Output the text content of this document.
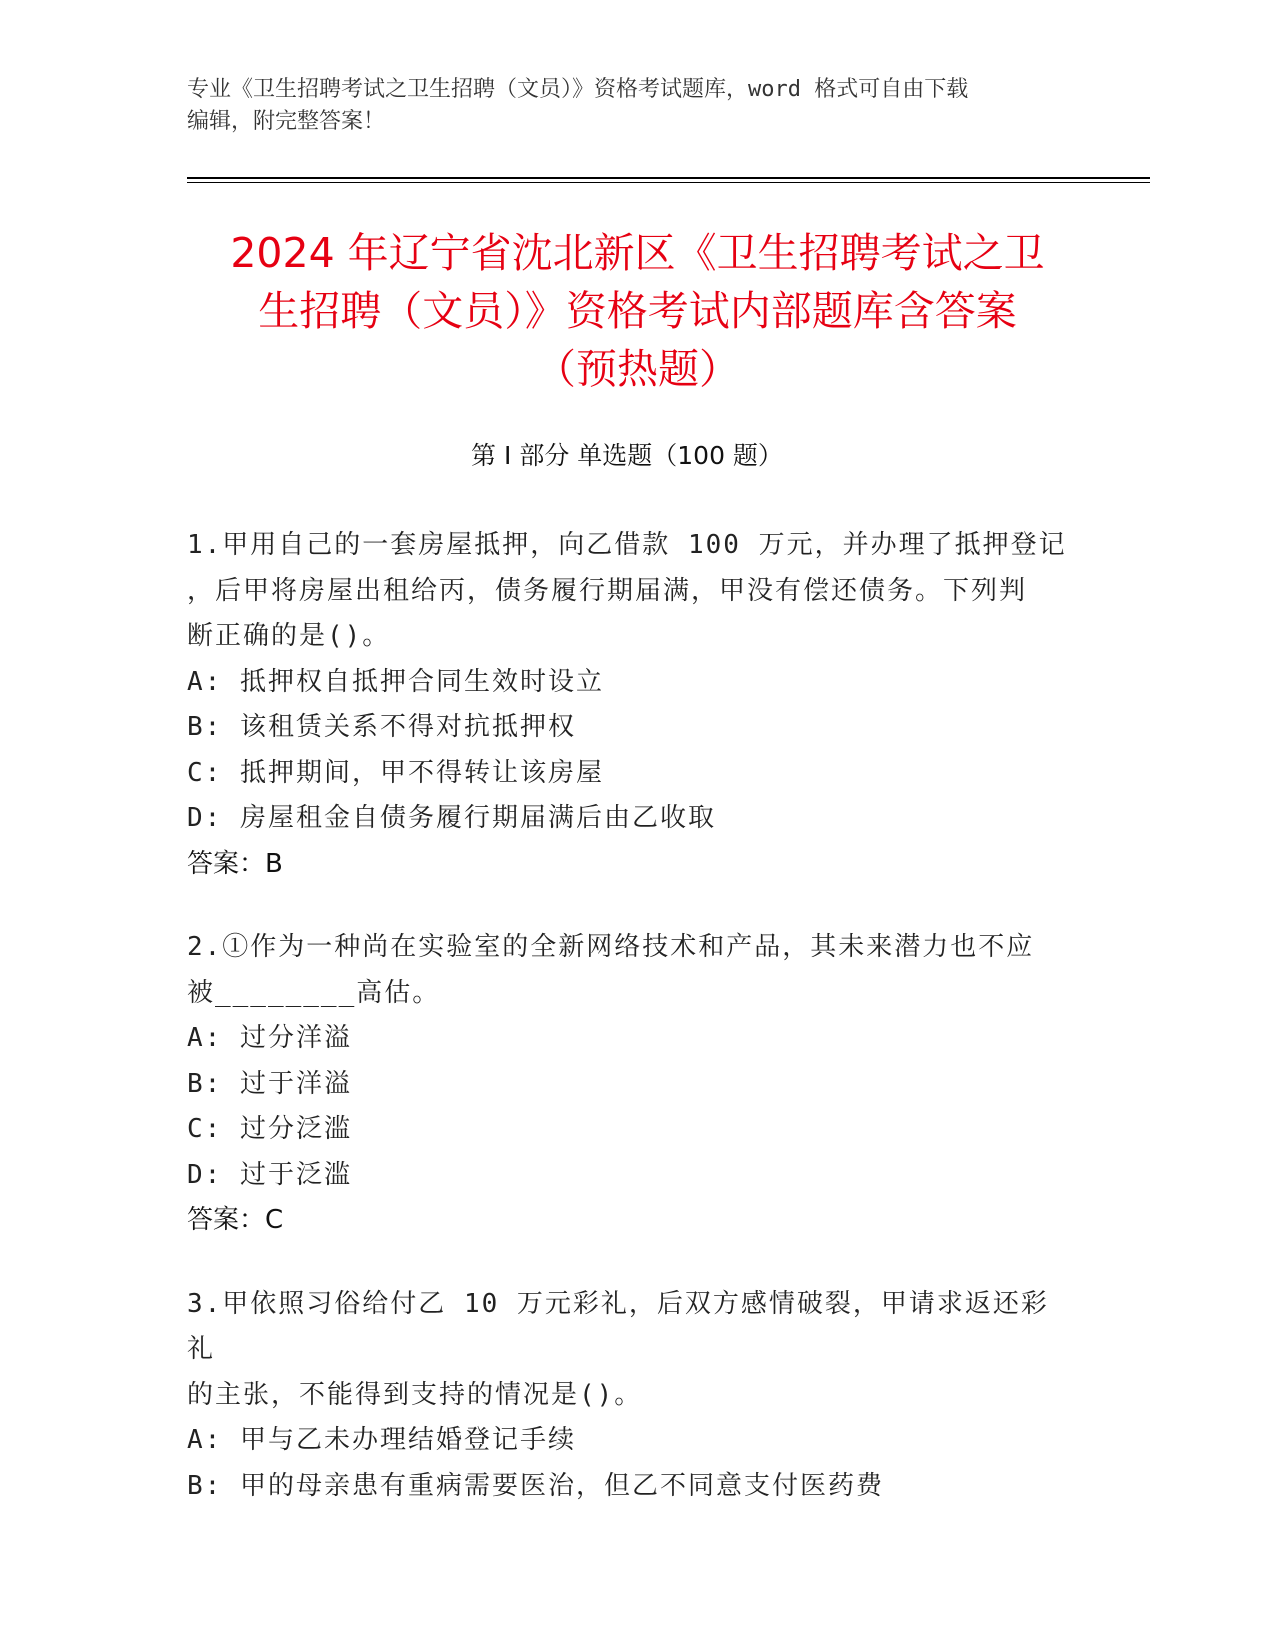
专业《卫生招聘考试之卫生招聘（文员）》资格考试题库，word 格式可自由下载
编辑，附完整答案！
2024 年辽宁省沈北新区《卫生招聘考试之卫
生招聘（文员）》资格考试内部题库含答案
（预热题）
第 I 部分 单选题（100 题）

1.甲用自己的一套房屋抵押，向乙借款 100 万元，并办理了抵押登记

，后甲将房屋出租给丙，债务履行期届满，甲没有偿还债务。下列判

断正确的是()。

A: 抵押权自抵押合同生效时设立

B: 该租赁关系不得对抗抵押权

C: 抵押期间，甲不得转让该房屋

D: 房屋租金自债务履行期届满后由乙收取

答案：B

2.①作为一种尚在实验室的全新网络技术和产品，其未来潜力也不应

被________高估。

A: 过分洋溢

B: 过于洋溢

C: 过分泛滥

D: 过于泛滥

答案：C

3.甲依照习俗给付乙 10 万元彩礼，后双方感情破裂，甲请求返还彩礼

的主张，不能得到支持的情况是()。

A: 甲与乙未办理结婚登记手续

B: 甲的母亲患有重病需要医治，但乙不同意支付医药费
